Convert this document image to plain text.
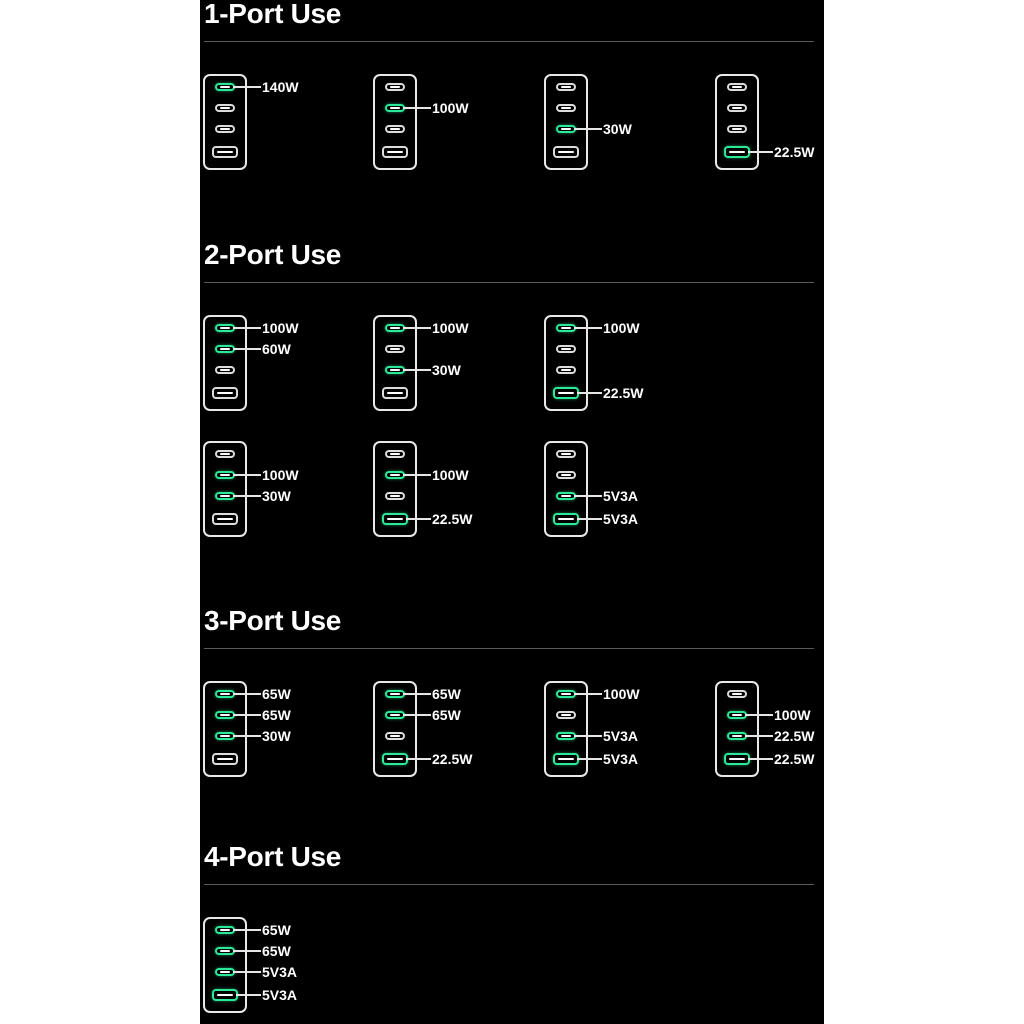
1-Port Use
140W
100W
30W
22.5W
2-Port Use
100W
60W
100W
30W
100W
22.5W
100W
30W
100W
22.5W
5V3A
5V3A
3-Port Use
65W
65W
30W
65W
65W
22.5W
100W
5V3A
5V3A
100W
22.5W
22.5W
4-Port Use
65W
65W
5V3A
5V3A
